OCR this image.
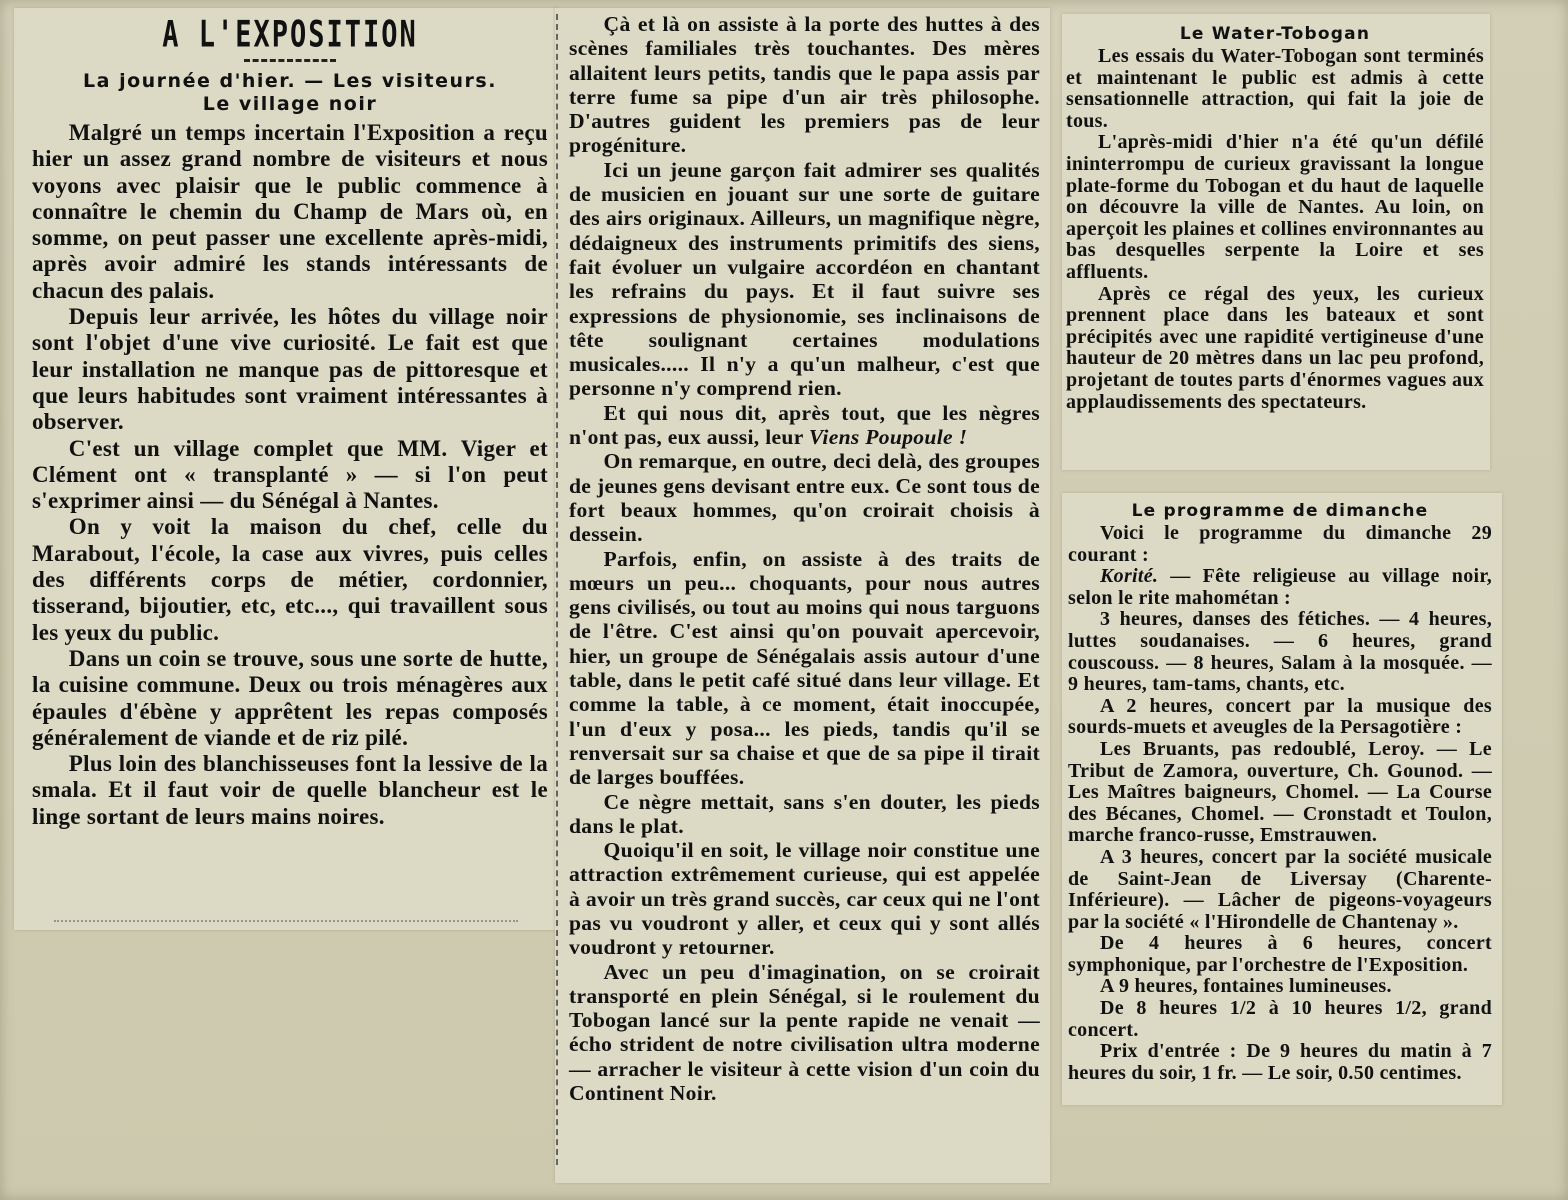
A L'EXPOSITION

La journée d'hier. — Les visiteurs.

Le village noir

Malgré un temps incertain l'Exposition a reçu hier un assez grand nombre de visiteurs et nous voyons avec plaisir que le public commence à connaître le chemin du Champ de Mars où, en somme, on peut passer une excellente après-midi, après avoir admiré les stands intéressants de chacun des palais.
Depuis leur arrivée, les hôtes du village noir sont l'objet d'une vive curiosité. Le fait est que leur installation ne manque pas de pittoresque et que leurs habitudes sont vraiment intéressantes à observer.
C'est un village complet que MM. Viger et Clément ont « transplanté » — si l'on peut s'exprimer ainsi — du Sénégal à Nantes.
On y voit la maison du chef, celle du Marabout, l'école, la case aux vivres, puis celles des différents corps de métier, cordonnier, tisserand, bijoutier, etc, etc..., qui travaillent sous les yeux du public.
Dans un coin se trouve, sous une sorte de hutte, la cuisine commune. Deux ou trois ménagères aux épaules d'ébène y apprêtent les repas composés généralement de viande et de riz pilé.
Plus loin des blanchisseuses font la lessive de la smala. Et il faut voir de quelle blancheur est le linge sortant de leurs mains noires.
Çà et là on assiste à la porte des huttes à des scènes familiales très touchantes. Des mères allaitent leurs petits, tandis que le papa assis par terre fume sa pipe d'un air très philosophe. D'autres guident les premiers pas de leur progéniture.
Ici un jeune garçon fait admirer ses qualités de musicien en jouant sur une sorte de guitare des airs originaux. Ailleurs, un magnifique nègre, dédaigneux des instruments primitifs des siens, fait évoluer un vulgaire accordéon en chantant les refrains du pays. Et il faut suivre ses expressions de physionomie, ses inclinaisons de tête soulignant certaines modulations musicales..... Il n'y a qu'un malheur, c'est que personne n'y comprend rien.
Et qui nous dit, après tout, que les nègres n'ont pas, eux aussi, leur Viens Poupoule !
On remarque, en outre, deci delà, des groupes de jeunes gens devisant entre eux. Ce sont tous de fort beaux hommes, qu'on croirait choisis à dessein.
Parfois, enfin, on assiste à des traits de mœurs un peu... choquants, pour nous autres gens civilisés, ou tout au moins qui nous targuons de l'être. C'est ainsi qu'on pouvait apercevoir, hier, un groupe de Sénégalais assis autour d'une table, dans le petit café situé dans leur village. Et comme la table, à ce moment, était inoccupée, l'un d'eux y posa... les pieds, tandis qu'il se renversait sur sa chaise et que de sa pipe il tirait de larges bouffées.
Ce nègre mettait, sans s'en douter, les pieds dans le plat.
Quoiqu'il en soit, le village noir constitue une attraction extrêmement curieuse, qui est appelée à avoir un très grand succès, car ceux qui ne l'ont pas vu voudront y aller, et ceux qui y sont allés voudront y retourner.
Avec un peu d'imagination, on se croirait transporté en plein Sénégal, si le roulement du Tobogan lancé sur la pente rapide ne venait — écho strident de notre civilisation ultra moderne — arracher le visiteur à cette vision d'un coin du Continent Noir.
Le Water-Tobogan
Les essais du Water-Tobogan sont terminés et maintenant le public est admis à cette sensationnelle attraction, qui fait la joie de tous.
L'après-midi d'hier n'a été qu'un défilé ininterrompu de curieux gravissant la longue plate-forme du Tobogan et du haut de laquelle on découvre la ville de Nantes. Au loin, on aperçoit les plaines et collines environnantes au bas desquelles serpente la Loire et ses affluents.
Après ce régal des yeux, les curieux prennent place dans les bateaux et sont précipités avec une rapidité vertigineuse d'une hauteur de 20 mètres dans un lac peu profond, projetant de toutes parts d'énormes vagues aux applaudissements des spectateurs.
Le programme de dimanche
Voici le programme du dimanche 29 courant :
Korité. — Fête religieuse au village noir, selon le rite mahométan :
3 heures, danses des fétiches. — 4 heures, luttes soudanaises. — 6 heures, grand couscouss. — 8 heures, Salam à la mosquée. — 9 heures, tam-tams, chants, etc.
A 2 heures, concert par la musique des sourds-muets et aveugles de la Persagotière :
Les Bruants, pas redoublé, Leroy. — Le Tribut de Zamora, ouverture, Ch. Gounod. — Les Maîtres baigneurs, Chomel. — La Course des Bécanes, Chomel. — Cronstadt et Toulon, marche franco-russe, Emstrauwen.
A 3 heures, concert par la société musicale de Saint-Jean de Liversay (Charente-Inférieure). — Lâcher de pigeons-voyageurs par la société « l'Hirondelle de Chantenay ».
De 4 heures à 6 heures, concert symphonique, par l'orchestre de l'Exposition.
A 9 heures, fontaines lumineuses.
De 8 heures 1/2 à 10 heures 1/2, grand concert.
Prix d'entrée : De 9 heures du matin à 7 heures du soir, 1 fr. — Le soir, 0.50 centimes.
